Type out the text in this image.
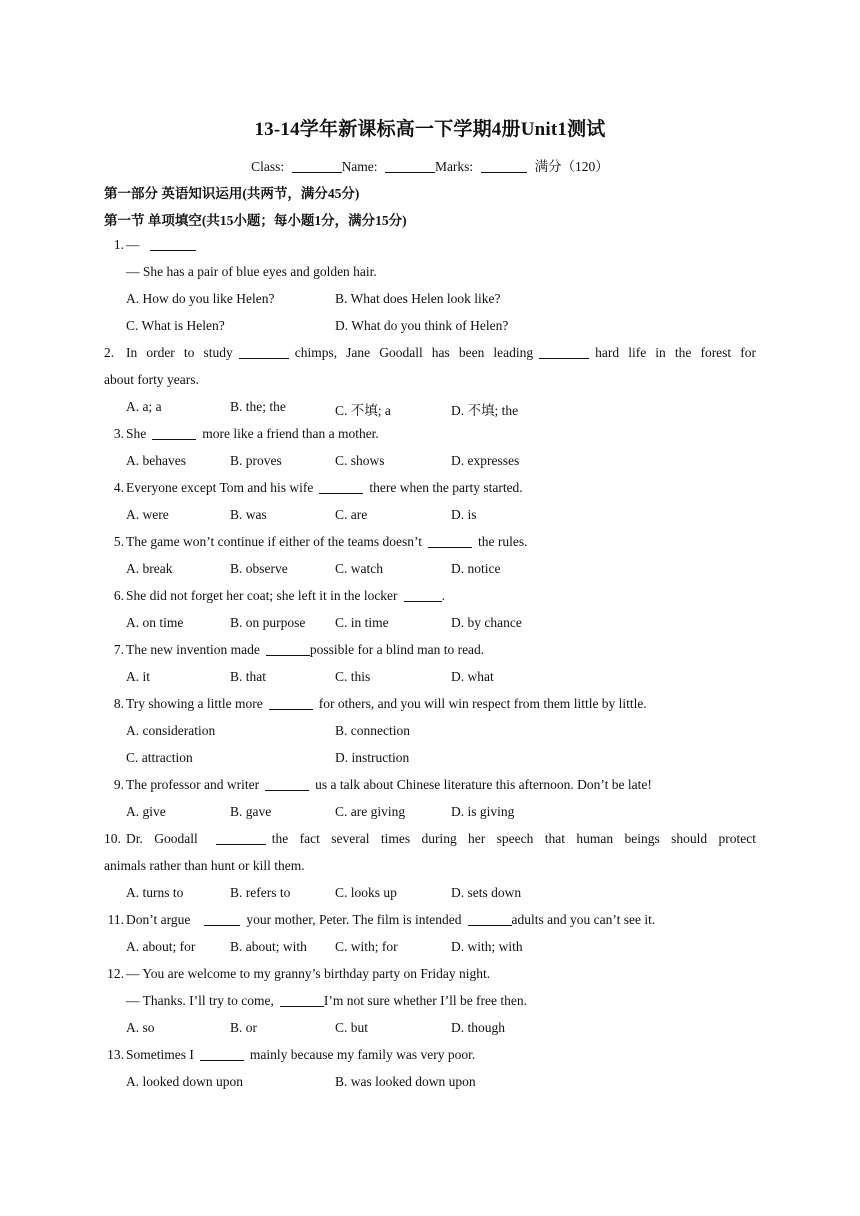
13-14学年新课标高一下学期4册Unit1测试
Class:	Name:	Marks:	满分（120）
第一部分 英语知识运用(共两节，满分45分)
第一节 单项填空(共15小题；每小题1分，满分15分)
1. —
— She has a pair of blue eyes and golden hair.
A. How do you like Helen?	B. What does Helen look like?
C. What is Helen?	D. What do you think of Helen?
2. In order to study	chimps, Jane Goodall has been leading	hard life in the forest for
about forty years.
A. a; a	B. the; the	C. 不填; a	D. 不填; the
3. She	more like a friend than a mother.
A. behaves	B. proves	C. shows	D. expresses
4. Everyone except Tom and his wife	there when the party started.
A. were	B. was	C. are	D. is
5. The game won’t continue if either of the teams doesn’t	the rules.
A. break	B. observe	C. watch	D. notice
6. She did not forget her coat; she left it in the locker	.
A. on time	B. on purpose C. in time	D. by chance
7. The new invention made	possible for a blind man to read.
A. it	B. that	C. this	D. what
8. Try showing a little more	for others, and you will win respect from them little by little.
A. consideration	B. connection
C. attraction	D. instruction
9. The professor and writer	us a talk about Chinese literature this afternoon. Don’t be late!
A. give	B. gave	C. are giving	D. is giving
10. Dr. Goodall	the fact several times during her speech that human beings should protect
animals rather than hunt or kill them.
A. turns to	B. refers to	C. looks up	D. sets down
11. Don’t argue	your mother, Peter. The film is intended	adults and you can’t see it.
A. about; for	B. about; with C. with; for	D. with; with
12. — You are welcome to my granny’s birthday party on Friday night.
— Thanks. I’ll try to come,	I’m not sure whether I’ll be free then.
A. so	B. or	C. but	D. though
13. Sometimes I	mainly because my family was very poor.
A. looked down upon	B. was looked down upon
